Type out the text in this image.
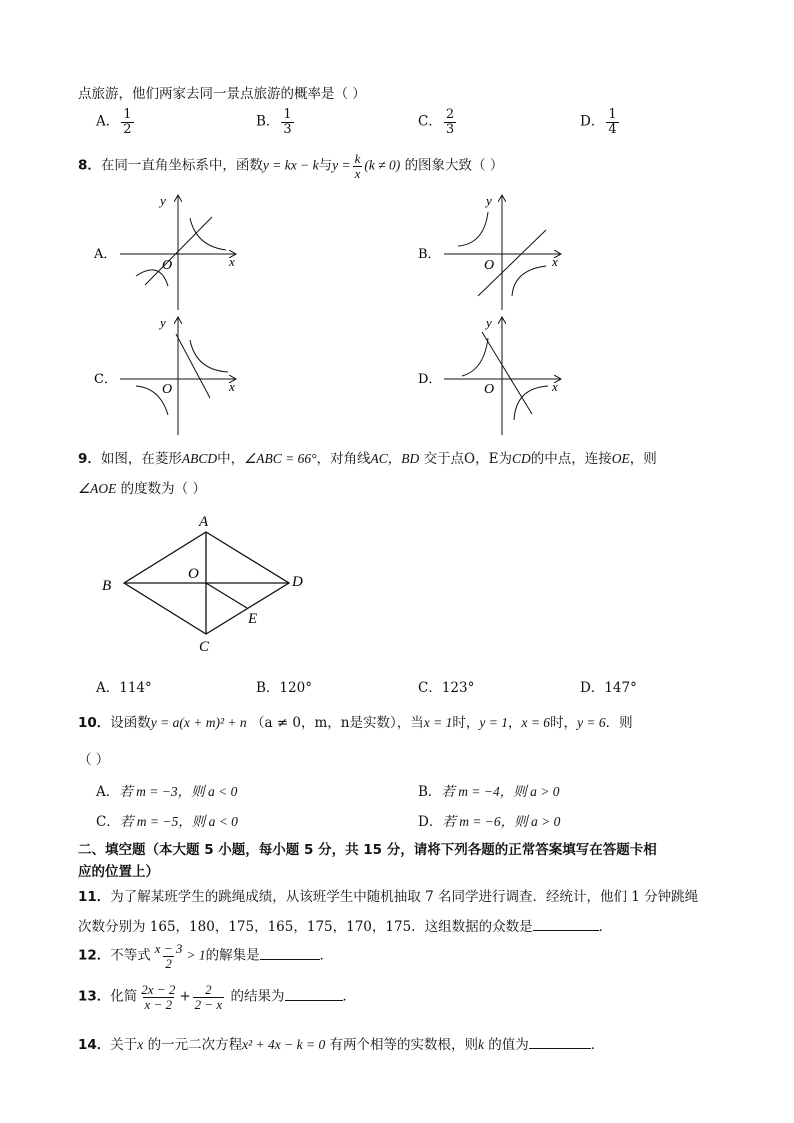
点旅游，他们两家去同一景点旅游的概率是（ ）
A． $\frac{1}{2}$	B． $\frac{1}{3}$	C． $\frac{2}{3}$	D． $\frac{1}{4}$
8．在同一直角坐标系中，函数y = kx − k与$y = \frac{k}{x} (k \ne 0)$ 的图象大致（ ）
A．
y
x
O
B．
y
x
O
C．
y
x
O
D．
y
x
O
9．如图，在菱形ABCD中，∠ABC = 66°，对角线AC，BD 交于点O，E为CD的中点，连接OE，则
∠AOE 的度数为（ ）
A
B	D
C
O
E
A．114°	B．120°	C．123°	D．147°
10．设函数y = a(x + m)² + n （a ≠ 0，m，n是实数），当x = 1时，y = 1，x = 6时，y = 6．则
（ ）
A．若 m = −3，则 a < 0	B．若 m = −4，则 a > 0
C．若 m = −5，则 a < 0	D．若 m = −6，则 a > 0
二、填空题（本大题 5 小题，每小题 5 分，共 15 分，请将下列各题的正常答案填写在答题卡相
应的位置上）
11．为了解某班学生的跳绳成绩，从该班学生中随机抽取 7 名同学进行调查．经统计，他们 1 分钟跳绳
次数分别为 165，180，175，165，175，170，175．这组数据的众数是	．
12．不等式 $\frac{x - 3}{2} > 1$的解集是	．
13．化简 $\frac{2x - 2}{x - 2} + \frac{2}{2 - x}$ 的结果为	．
14．关于x 的一元二次方程x² + 4x − k = 0 有两个相等的实数根，则k 的值为	．
